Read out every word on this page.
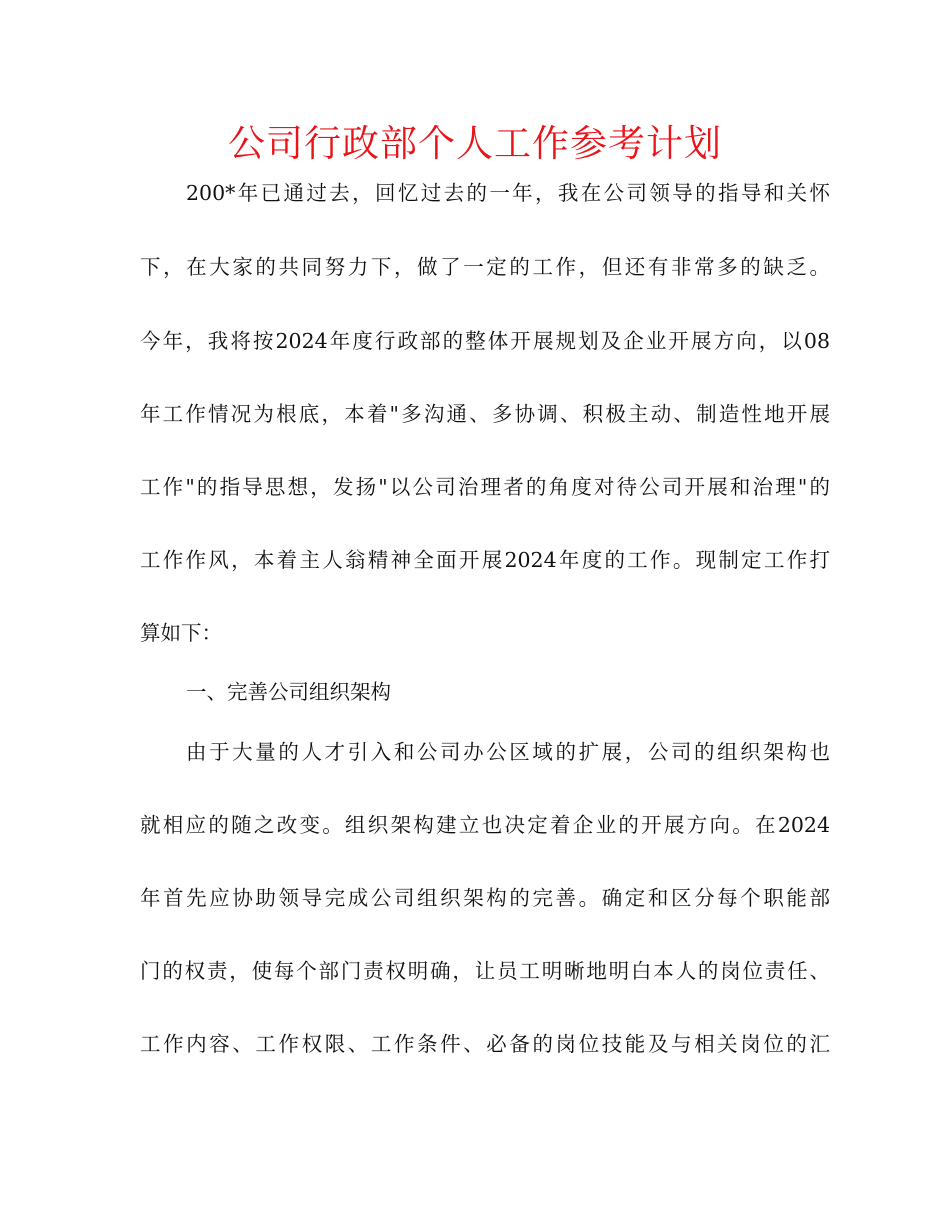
公司行政部个人工作参考计划
200*年已通过去，回忆过去的一年，我在公司领导的指导和关怀
下，在大家的共同努力下，做了一定的工作，但还有非常多的缺乏。
今年，我将按2024年度行政部的整体开展规划及企业开展方向，以08
年工作情况为根底，本着"多沟通、多协调、积极主动、制造性地开展
工作"的指导思想，发扬"以公司治理者的角度对待公司开展和治理"的
工作作风，本着主人翁精神全面开展2024年度的工作。现制定工作打
算如下：
一、完善公司组织架构
由于大量的人才引入和公司办公区域的扩展，公司的组织架构也
就相应的随之改变。组织架构建立也决定着企业的开展方向。在2024
年首先应协助领导完成公司组织架构的完善。确定和区分每个职能部
门的权责，使每个部门责权明确，让员工明晰地明白本人的岗位责任、
工作内容、工作权限、工作条件、必备的岗位技能及与相关岗位的汇
